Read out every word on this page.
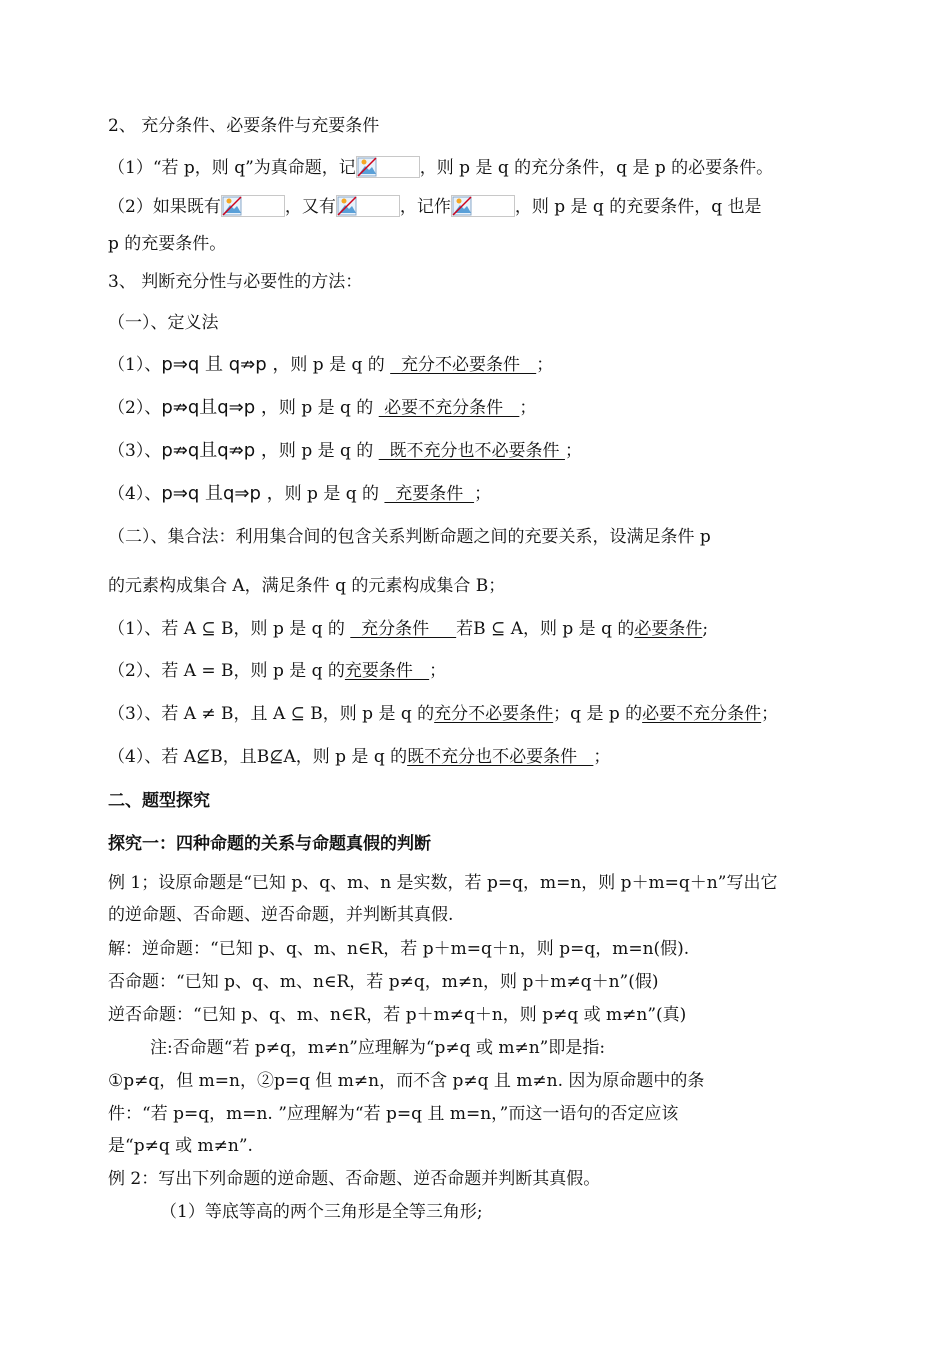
2、 充分条件、必要条件与充要条件
（1）“若 p，则 q”为真命题，记	，则 p 是 q 的充分条件，q 是 p 的必要条件。
（2）如果既有	，又有	，记作	，则 p 是 q 的充要条件，q 也是
p 的充要条件。
3、 判断充分性与必要性的方法：
（一）、定义法
（1）、p⇒q 且 q⇏p ，则 p 是 q 的   充分不必要条件   ；
（2）、p⇏q且q⇒p ，则 p 是 q 的  必要不充分条件   ；
（3）、p⇏q且q⇏p ，则 p 是 q 的   既不充分也不必要条件 ；
（4）、p⇒q 且q⇒p ，则 p 是 q 的   充要条件  ；
（二）、集合法：利用集合间的包含关系判断命题之间的充要关系，设满足条件 p
的元素构成集合 A，满足条件 q 的元素构成集合 B；
（1）、若 A ⊆ B，则 p 是 q 的   充分条件     若B ⊆ A，则 p 是 q 的必要条件;
（2）、若 A = B，则 p 是 q 的充要条件   ；
（3）、若 A ≠ B，且 A ⊆ B，则 p 是 q 的充分不必要条件；q 是 p 的必要不充分条件；
（4）、若 A⊈B，且B⊈A，则 p 是 q 的既不充分也不必要条件   ；
二、题型探究
探究一：四种命题的关系与命题真假的判断
例 1；设原命题是“已知 p、q、m、n 是实数，若 p=q，m=n，则 p＋m=q＋n”写出它
的逆命题、否命题、逆否命题，并判断其真假.
解：逆命题：“已知 p、q、m、n∈R，若 p＋m=q＋n，则 p=q，m=n(假).
否命题：“已知 p、q、m、n∈R，若 p≠q，m≠n，则 p＋m≠q＋n”(假)
逆否命题：“已知 p、q、m、n∈R，若 p＋m≠q＋n，则 p≠q 或 m≠n”(真)
注:否命题“若 p≠q，m≠n”应理解为“p≠q 或 m≠n”即是指:
①p≠q，但 m=n，②p=q 但 m≠n，而不含 p≠q 且 m≠n. 因为原命题中的条
件：“若 p=q，m=n. ”应理解为“若 p=q 且 m=n，”而这一语句的否定应该
是“p≠q 或 m≠n”.
例 2：写出下列命题的逆命题、否命题、逆否命题并判断其真假。
（1）等底等高的两个三角形是全等三角形;
